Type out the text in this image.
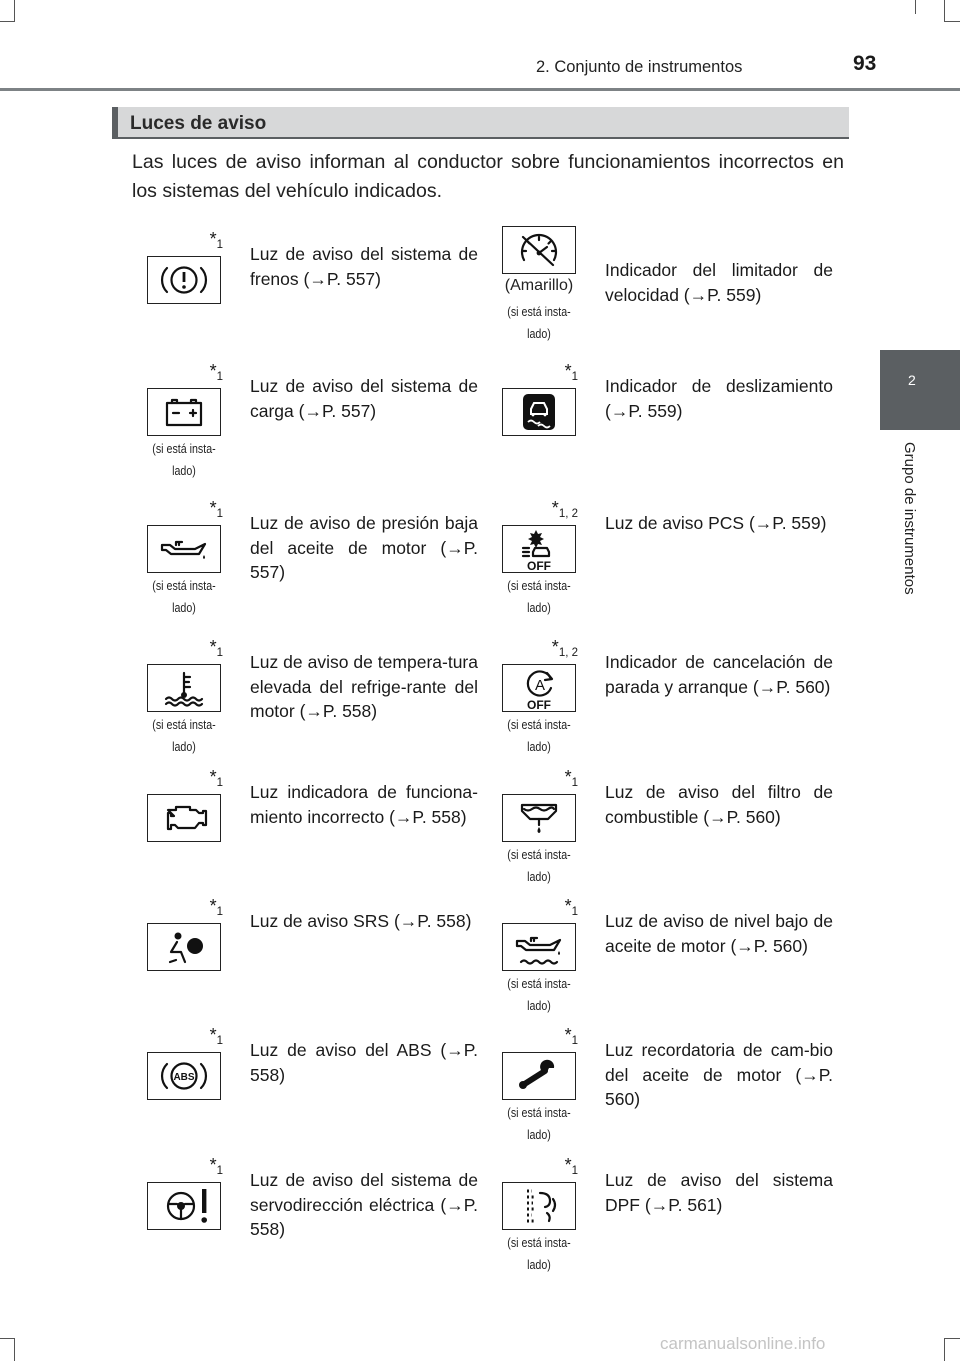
2. Conjunto de instrumentos	93
2
Grupo de instrumentos
Luces de aviso
Las luces de aviso informan al conductor sobre funcionamientos incorrectos en los sistemas del vehículo indicados.
$*_1$ Luz de aviso del sistema de frenos (→P. 557)	(Amarillo)
(si está insta-
lado)
Indicador del limitador de velocidad (→P. 559)
$*_1$
(si está insta-
lado)
Luz de aviso del sistema de carga (→P. 557)
$*_1$ Indicador de deslizamiento (→P. 559)
$*_1$
(si está insta-
lado)
Luz de aviso de presión baja del aceite de motor (→P. 557)
$*_{1, 2}$
OFF
(si está insta-
lado)
Luz de aviso PCS (→P. 559)
$*_1$
(si está insta-
lado)
Luz de aviso de tempera-tura elevada del refrige-rante del motor (→P. 558)
$*_{1, 2}$
A
OFF
(si está insta-
lado)
Indicador de cancelación de parada y arranque (→P. 560)
$*_1$ Luz indicadora de funciona-miento incorrecto (→P. 558)
$*_1$
(si está insta-
lado)
Luz de aviso del filtro de combustible (→P. 560)
$*_1$ Luz de aviso SRS (→P. 558)
$*_1$
(si está insta-
lado)
Luz de aviso de nivel bajo de aceite de motor (→P. 560)
$*_1$
ABS
Luz de aviso del ABS (→P. 558)
$*_1$
(si está insta-
lado)
Luz recordatoria de cam-bio del aceite de motor (→P. 560)
$*_1$ Luz de aviso del sistema de servodirección eléctrica (→P. 558)
$*_1$
(si está insta-
lado)
Luz de aviso del sistema DPF (→P. 561)
carmanualsonline.info
